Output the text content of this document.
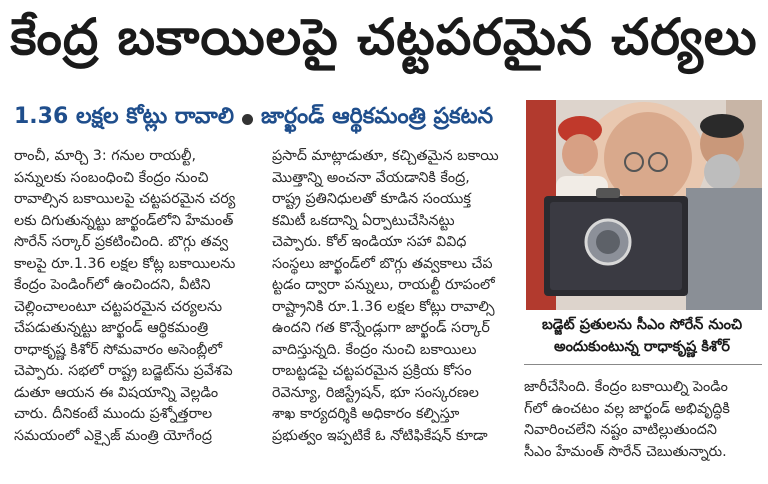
కేంద్ర బకాయిలపై చట్టపరమైన చర్యలు
1.36 లక్షల కోట్లు రావాలి జార్ఖండ్ ఆర్థికమంత్రి ప్రకటన

రాంచీ, మార్చి 3: గనుల రాయల్టీ,

పన్నులకు సంబంధించి కేంద్రం నుంచి

రావాల్సిన బకాయిలపై చట్టపరమైన చర్య

లకు దిగుతున్నట్టు జార్ఖండ్‌లోని హేమంత్

సొరేన్ సర్కార్ ప్రకటించింది. బొగ్గు తవ్వ

కాలపై రూ.1.36 లక్షల కోట్ల బకాయిలను

కేంద్రం పెండింగ్‌లో ఉంచిందని, వీటిని

చెల్లించాలంటూ చట్టపరమైన చర్యలను

చేపడుతున్నట్టు జార్ఖండ్ ఆర్థికమంత్రి

రాధాకృష్ణ కిశోర్ సోమవారం అసెంబ్లీలో

చెప్పారు. సభలో రాష్ట్ర బడ్జెట్‌ను ప్రవేశపె

డుతూ ఆయన ఈ విషయాన్ని వెల్లడిం

చారు. దీనికంటే ముందు ప్రశ్నోత్తరాల

సమయంలో ఎక్సైజ్ మంత్రి యోగేంద్ర

ప్రసాద్ మాట్లాడుతూ, కచ్చితమైన బకాయి

మొత్తాన్ని అంచనా వేయడానికి కేంద్ర,

రాష్ట్ర ప్రతినిధులతో కూడిన సంయుక్త

కమిటీ ఒకదాన్ని ఏర్పాటుచేసినట్టు

చెప్పారు. కోల్ ఇండియా సహా వివిధ

సంస్థలు జార్ఖండ్‌లో బొగ్గు తవ్వకాలు చేప

ట్టడం ద్వారా పన్నులు, రాయల్టీ రూపంలో

రాష్ట్రానికి రూ.1.36 లక్షల కోట్లు రావాల్సి

ఉందని గత కొన్నేండ్లుగా జార్ఖండ్ సర్కార్

వాదిస్తున్నది. కేంద్రం నుంచి బకాయిలు

రాబట్టడపై చట్టపరమైన ప్రక్రియ కోసం

రెవెన్యూ, రిజిస్ట్రేషన్, భూ సంస్కరణల

శాఖ కార్యదర్శికి అధికారం కల్పిస్తూ

ప్రభుత్వం ఇప్పటికే ఓ నోటిఫికేషన్ కూడా

బడ్జెట్ ప్రతులను సీఎం సోరేన్ నుంచి

అందుకుంటున్న రాధాకృష్ణ కిశోర్

జారీచేసింది. కేంద్రం బకాయిల్ని పెండిం

గ్‌లో ఉంచటం వల్ల జార్ఖండ్ అభివృద్ధికి

నివారించలేని నష్టం వాటిల్లుతుందని

సీఎం హేమంత్ సొరేన్ చెబుతున్నారు.
